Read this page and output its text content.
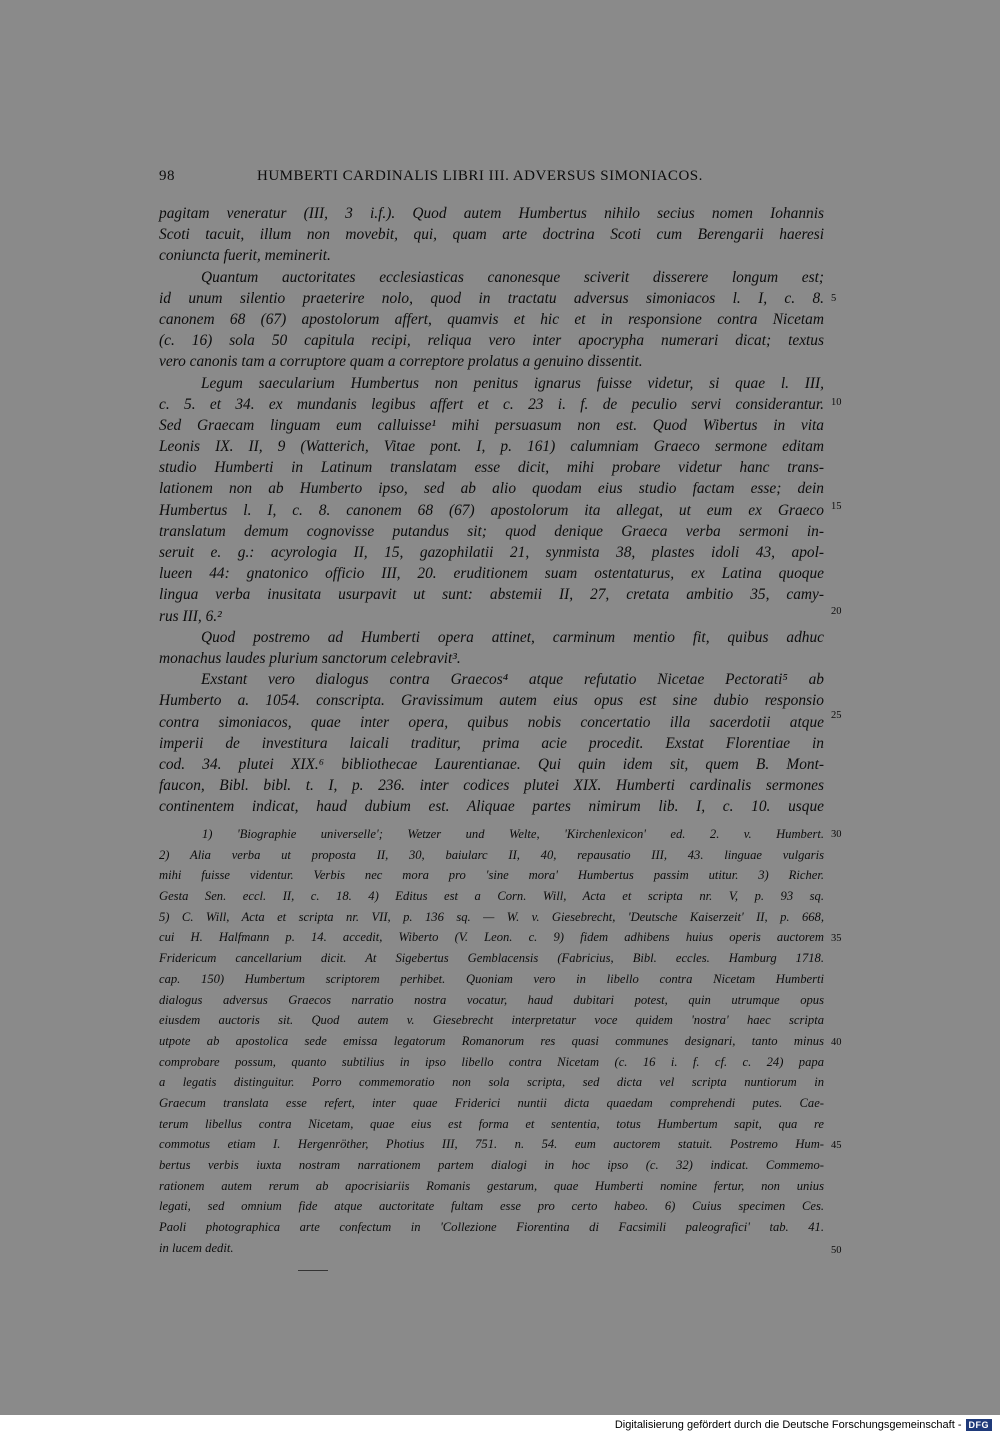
98	HUMBERTI CARDINALIS LIBRI III. ADVERSUS SIMONIACOS.
pagitam veneratur (III, 3 i.f.). Quod autem Humbertus nihilo secius nomen Iohannis
Scoti tacuit, illum non movebit, qui, quam arte doctrina Scoti cum Berengarii haeresi
coniuncta fuerit, meminerit.
Quantum auctoritates ecclesiasticas canonesque sciverit disserere longum est;
id unum silentio praeterire nolo, quod in tractatu adversus simoniacos l. I, c. 8.
canonem 68 (67) apostolorum affert, quamvis et hic et in responsione contra Nicetam
(c. 16) sola 50 capitula recipi, reliqua vero inter apocrypha numerari dicat; textus
vero canonis tam a corruptore quam a correptore prolatus a genuino dissentit.
Legum saecularium Humbertus non penitus ignarus fuisse videtur, si quae l. III,
c. 5. et 34. ex mundanis legibus affert et c. 23 i. f. de peculio servi considerantur.
Sed Graecam linguam eum calluisse¹ mihi persuasum non est. Quod Wibertus in vita
Leonis IX. II, 9 (Watterich, Vitae pont. I, p. 161) calumniam Graeco sermone editam
studio Humberti in Latinum translatam esse dicit, mihi probare videtur hanc trans-
lationem non ab Humberto ipso, sed ab alio quodam eius studio factam esse; dein
Humbertus l. I, c. 8. canonem 68 (67) apostolorum ita allegat, ut eum ex Graeco
translatum demum cognovisse putandus sit; quod denique Graeca verba sermoni in-
seruit e. g.: acyrologia II, 15, gazophilatii 21, synmista 38, plastes idoli 43, apol-
lueen 44: gnatonico officio III, 20. eruditionem suam ostentaturus, ex Latina quoque
lingua verba inusitata usurpavit ut sunt: abstemii II, 27, cretata ambitio 35, camy-
rus III, 6.²
Quod postremo ad Humberti opera attinet, carminum mentio fit, quibus adhuc
monachus laudes plurium sanctorum celebravit³.
Exstant vero dialogus contra Graecos⁴ atque refutatio Nicetae Pectorati⁵ ab
Humberto a. 1054. conscripta. Gravissimum autem eius opus est sine dubio responsio
contra simoniacos, quae inter opera, quibus nobis concertatio illa sacerdotii atque
imperii de investitura laicali traditur, prima acie procedit. Exstat Florentiae in
cod. 34. plutei XIX.⁶ bibliothecae Laurentianae. Qui quin idem sit, quem B. Mont-
faucon, Bibl. bibl. t. I, p. 236. inter codices plutei XIX. Humberti cardinalis sermones
continentem indicat, haud dubium est. Aliquae partes nimirum lib. I, c. 10. usque
1) 'Biographie universelle'; Wetzer und Welte, 'Kirchenlexicon' ed. 2. v. Humbert.
2) Alia verba ut proposta II, 30, baiularc II, 40, repausatio III, 43. linguae vulgaris
mihi fuisse videntur. Verbis nec mora pro 'sine mora' Humbertus passim utitur. 3) Richer.
Gesta Sen. eccl. II, c. 18. 4) Editus est a Corn. Will, Acta et scripta nr. V, p. 93 sq.
5) C. Will, Acta et scripta nr. VII, p. 136 sq. — W. v. Giesebrecht, 'Deutsche Kaiserzeit' II, p. 668,
cui H. Halfmann p. 14. accedit, Wiberto (V. Leon. c. 9) fidem adhibens huius operis auctorem
Fridericum cancellarium dicit. At Sigebertus Gemblacensis (Fabricius, Bibl. eccles. Hamburg 1718.
cap. 150) Humbertum scriptorem perhibet. Quoniam vero in libello contra Nicetam Humberti
dialogus adversus Graecos narratio nostra vocatur, haud dubitari potest, quin utrumque opus
eiusdem auctoris sit. Quod autem v. Giesebrecht interpretatur voce quidem 'nostra' haec scripta
utpote ab apostolica sede emissa legatorum Romanorum res quasi communes designari, tanto minus
comprobare possum, quanto subtilius in ipso libello contra Nicetam (c. 16 i. f. cf. c. 24) papa
a legatis distinguitur. Porro commemoratio non sola scripta, sed dicta vel scripta nuntiorum in
Graecum translata esse refert, inter quae Friderici nuntii dicta quaedam comprehendi putes. Cae-
terum libellus contra Nicetam, quae eius est forma et sententia, totus Humbertum sapit, qua re
commotus etiam I. Hergenröther, Photius III, 751. n. 54. eum auctorem statuit. Postremo Hum-
bertus verbis iuxta nostram narrationem partem dialogi in hoc ipso (c. 32) indicat. Commemo-
rationem autem rerum ab apocrisiariis Romanis gestarum, quae Humberti nomine fertur, non unius
legati, sed omnium fide atque auctoritate fultam esse pro certo habeo. 6) Cuius specimen Ces.
Paoli photographica arte confectum in 'Collezione Fiorentina di Facsimili paleografici' tab. 41.
in lucem dedit.
5
10
15
20
25
30
35
40
45
50
Digitalisierung gefördert durch die Deutsche Forschungsgemeinschaft - DFG
